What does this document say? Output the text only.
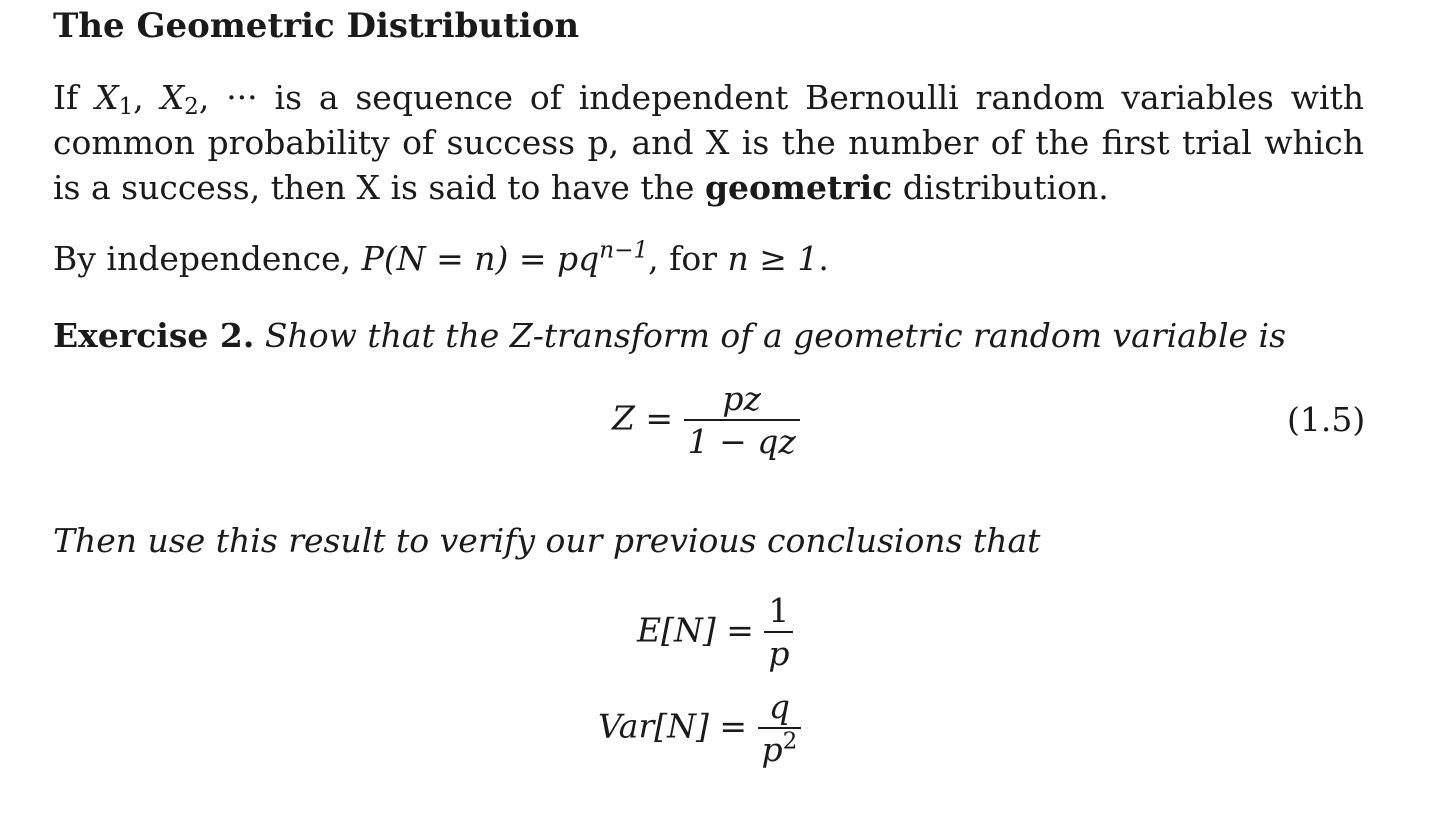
The Geometric Distribution
If $X_1$, $X_2$, ··· is a sequence of independent Bernoulli random variables with common probability of success p, and X is the number of the first trial which is a success, then X is said to have the geometric distribution.
By independence, $P(N = n) = pq^{n-1}$, for n ≥ 1.
Exercise 2. Show that the Z-transform of a geometric random variable is
$Z = \frac{pz}{1 - qz}$	(1.5)
Then use this result to verify our previous conclusions that
$E[N] = \frac{1}{p}$
$Var[N] = \frac{q}{p^2}$
